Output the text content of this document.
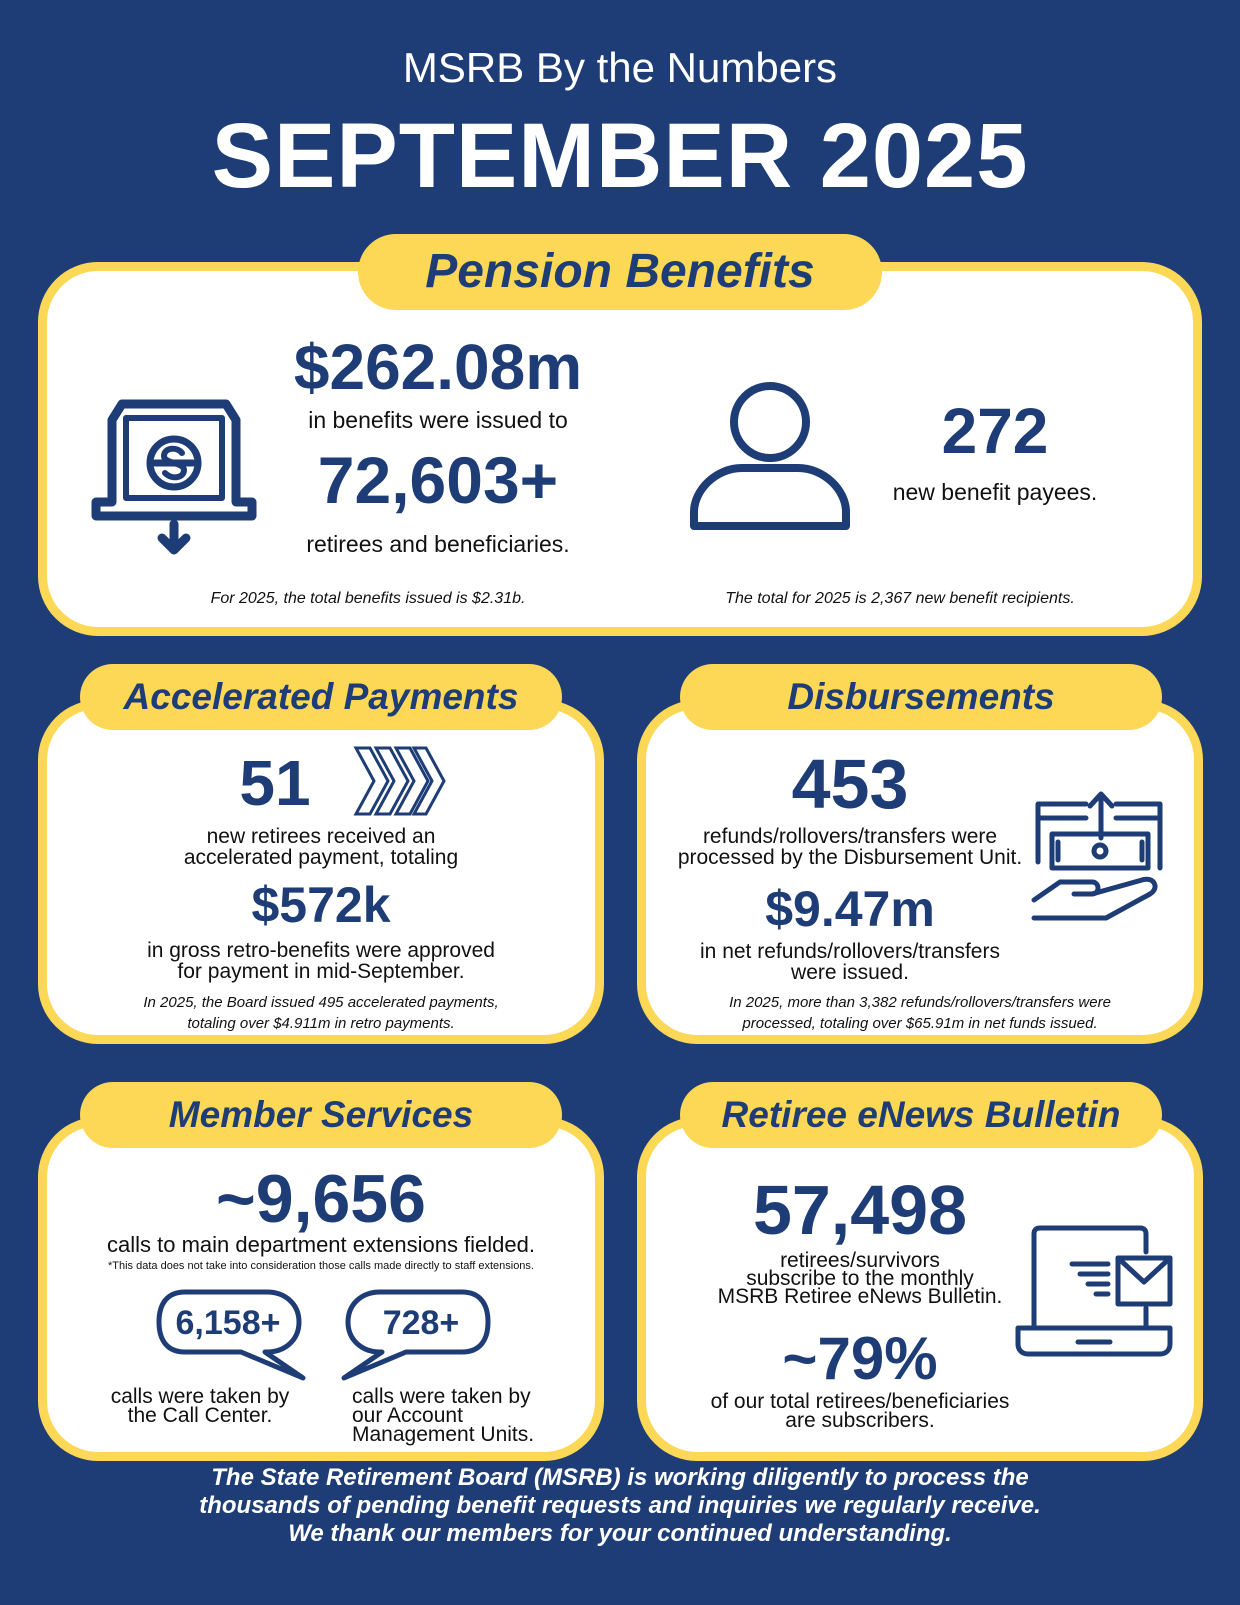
MSRB By the Numbers
SEPTEMBER 2025
Pension Benefits
$262.08m
in benefits were issued to
72,603+
retirees and beneficiaries.
For 2025, the total benefits issued is $2.31b.
272
new benefit payees.
The total for 2025 is 2,367 new benefit recipients.
Accelerated Payments
51
new retirees received an
accelerated payment, totaling
$572k
in gross retro-benefits were approved
for payment in mid-September.
In 2025, the Board issued 495 accelerated payments,
totaling over $4.911m in retro payments.
Disbursements
453
refunds/rollovers/transfers were
processed by the Disbursement Unit.
$9.47m
in net refunds/rollovers/transfers
were issued.
In 2025, more than 3,382 refunds/rollovers/transfers were
processed, totaling over $65.91m in net funds issued.
Member Services
~9,656
calls to main department extensions fielded.
*This data does not take into consideration those calls made directly to staff extensions.
6,158+
calls were taken by
the Call Center.
728+
calls were taken by
our Account
Management Units.
Retiree eNews Bulletin
57,498
retirees/survivors
subscribe to the monthly
MSRB Retiree eNews Bulletin.
~79%
of our total retirees/beneficiaries
are subscribers.
The State Retirement Board (MSRB) is working diligently to process the
thousands of pending benefit requests and inquiries we regularly receive.
We thank our members for your continued understanding.
